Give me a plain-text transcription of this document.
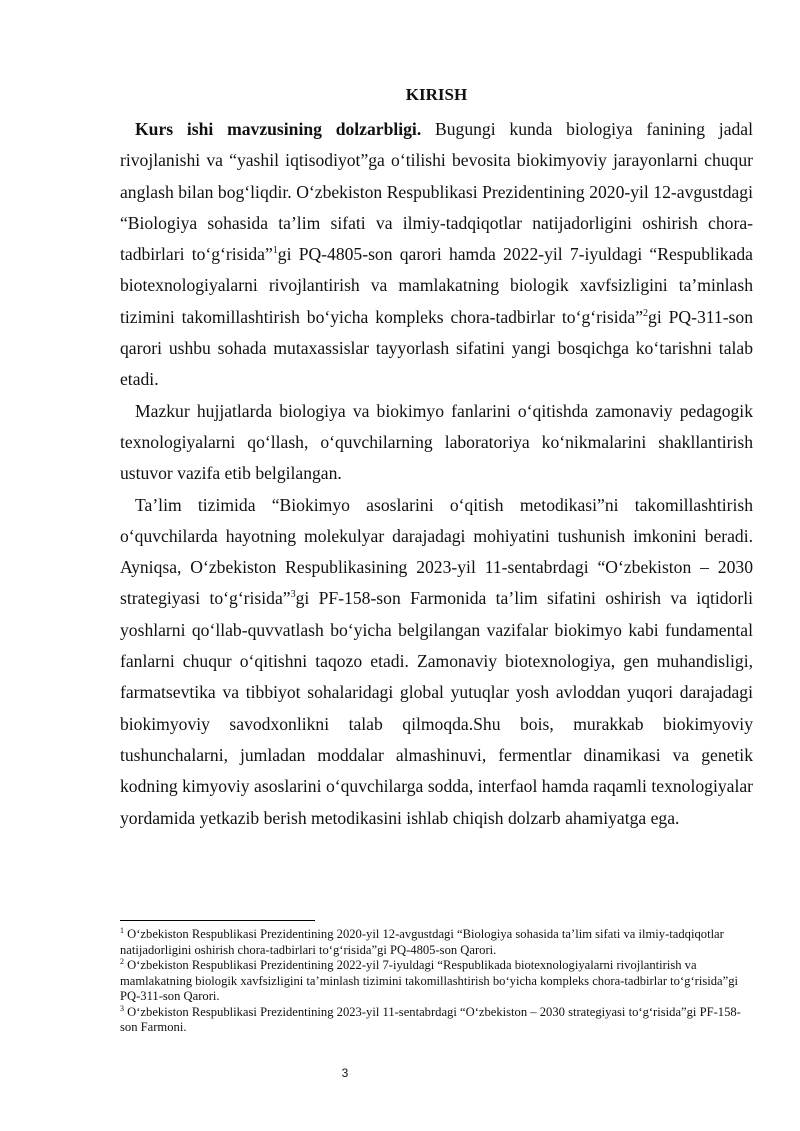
KIRISH

Kurs ishi mavzusining dolzarbligi. Bugungi kunda biologiya fanining jadal rivojlanishi va “yashil iqtisodiyot”ga o‘tilishi bevosita biokimyoviy jarayonlarni chuqur anglash bilan bog‘liqdir. O‘zbekiston Respublikasi Prezidentining 2020-yil 12-avgustdagi “Biologiya sohasida ta’lim sifati va ilmiy-tadqiqotlar natijadorligini oshirish chora-tadbirlari to‘g‘risida”$^1$gi PQ-4805-son qarori hamda 2022-yil 7-iyuldagi “Respublikada biotexnologiyalarni rivojlantirish va mamlakatning biologik xavfsizligini ta’minlash tizimini takomillashtirish bo‘yicha kompleks chora-tadbirlar to‘g‘risida”$^2$gi PQ-311-son qarori ushbu sohada mutaxassislar tayyorlash sifatini yangi bosqichga ko‘tarishni talab etadi.

Mazkur hujjatlarda biologiya va biokimyo fanlarini o‘qitishda zamonaviy pedagogik texnologiyalarni qo‘llash, o‘quvchilarning laboratoriya ko‘nikmalarini shakllantirish ustuvor vazifa etib belgilangan.

Ta’lim tizimida “Biokimyo asoslarini o‘qitish metodikasi”ni takomillashtirish o‘quvchilarda hayotning molekulyar darajadagi mohiyatini tushunish imkonini beradi. Ayniqsa, O‘zbekiston Respublikasining 2023-yil 11-sentabrdagi “O‘zbekiston – 2030 strategiyasi to‘g‘risida”$^3$gi PF-158-son Farmonida ta’lim sifatini oshirish va iqtidorli yoshlarni qo‘llab-quvvatlash bo‘yicha belgilangan vazifalar biokimyo kabi fundamental fanlarni chuqur o‘qitishni taqozo etadi. Zamonaviy biotexnologiya, gen muhandisligi, farmatsevtika va tibbiyot sohalaridagi global yutuqlar yosh avloddan yuqori darajadagi biokimyoviy savodxonlikni talab qilmoqda.Shu bois, murakkab biokimyoviy tushunchalarni, jumladan moddalar almashinuvi, fermentlar dinamikasi va genetik kodning kimyoviy asoslarini o‘quvchilarga sodda, interfaol hamda raqamli texnologiyalar yordamida yetkazib berish metodikasini ishlab chiqish dolzarb ahamiyatga ega.

$^1$ O‘zbekiston Respublikasi Prezidentining 2020-yil 12-avgustdagi “Biologiya sohasida ta’lim sifati va ilmiy-tadqiqotlar natijadorligini oshirish chora-tadbirlari to‘g‘risida”gi PQ-4805-son Qarori.

$^2$ O‘zbekiston Respublikasi Prezidentining 2022-yil 7-iyuldagi “Respublikada biotexnologiyalarni rivojlantirish va mamlakatning biologik xavfsizligini ta’minlash tizimini takomillashtirish bo‘yicha kompleks chora-tadbirlar to‘g‘risida”gi PQ-311-son Qarori.

$^3$ O‘zbekiston Respublikasi Prezidentining 2023-yil 11-sentabrdagi “O‘zbekiston – 2030 strategiyasi to‘g‘risida”gi PF-158-son Farmoni.

3
